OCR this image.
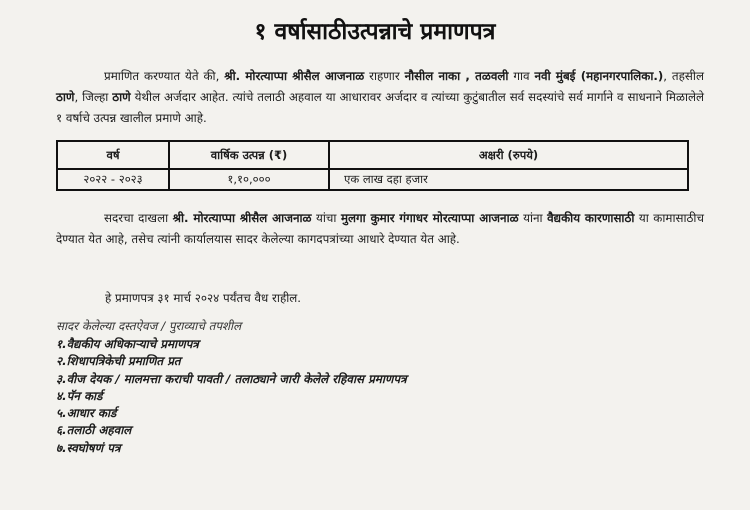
१ वर्षासाठीउत्पन्नाचे प्रमाणपत्र
प्रमाणित करण्यात येते की, श्री. मोरत्याप्पा श्रीसैल आजनाळ राहणार नौसील नाका , तळवली गाव नवी मुंबई (महानगरपालिका.), तहसील ठाणे, जिल्हा ठाणे येथील अर्जदार आहेत. त्यांचे तलाठी अहवाल या आधारावर अर्जदार व त्यांच्या कुटुंबातील सर्व सदस्यांचे सर्व मार्गाने व साधनाने मिळालेले १ वर्षाचे उत्पन्न खालील प्रमाणे आहे.
वर्ष	वार्षिक उत्पन्न (₹)	अक्षरी (रुपये)
२०२२ - २०२३	१,१०,०००	एक लाख दहा हजार
सदरचा दाखला श्री. मोरत्याप्पा श्रीसैल आजनाळ यांचा मुलगा कुमार गंगाधर मोरत्याप्पा आजनाळ यांना वैद्यकीय कारणासाठी या कामासाठीच देण्यात येत आहे, तसेच त्यांनी कार्यालयास सादर केलेल्या कागदपत्रांच्या आधारे देण्यात येत आहे.
हे प्रमाणपत्र ३१ मार्च २०२४ पर्यंतच वैध राहील.
सादर केलेल्या दस्तऐवज / पुराव्याचे तपशील
१.वैद्यकीय अधिकाऱ्याचे प्रमाणपत्र
२.शिधापत्रिकेची प्रमाणित प्रत
३.वीज देयक / मालमत्ता कराची पावती / तलाठ्याने जारी केलेले रहिवास प्रमाणपत्र
४.पॅन कार्ड
५.आधार कार्ड
६.तलाठी अहवाल
७.स्वघोषणं पत्र
